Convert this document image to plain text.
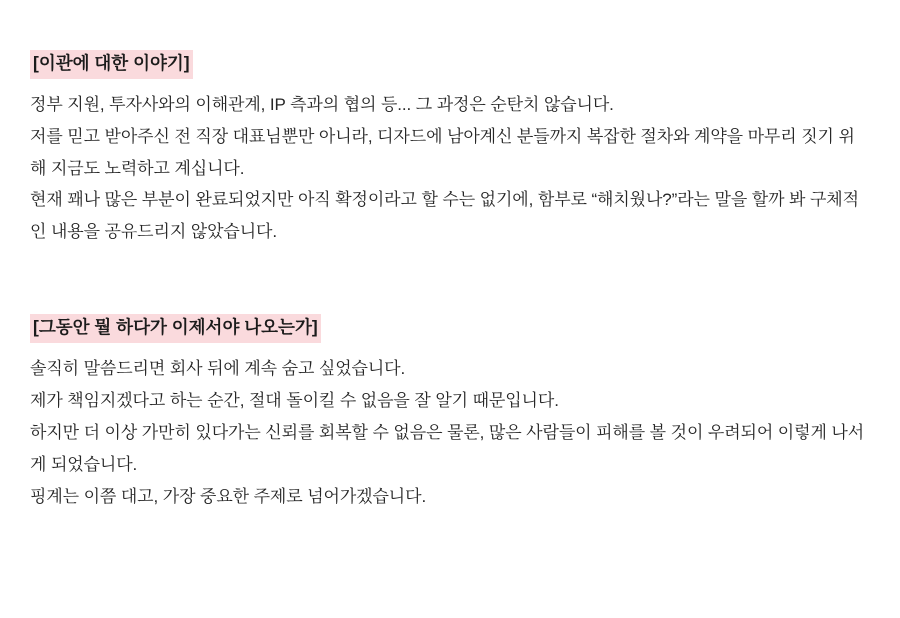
[이관에 대한 이야기]

정부 지원, 투자사와의 이해관계, IP 측과의 협의 등... 그 과정은 순탄치 않습니다.

저를 믿고 받아주신 전 직장 대표님뿐만 아니라, 디자드에 남아계신 분들까지 복잡한 절차와 계약을 마무리 짓기 위해 지금도 노력하고 계십니다.

현재 꽤나 많은 부분이 완료되었지만 아직 확정이라고 할 수는 없기에, 함부로 “해치웠나?”라는 말을 할까 봐 구체적인 내용을 공유드리지 않았습니다.

[그동안 뭘 하다가 이제서야 나오는가]

솔직히 말씀드리면 회사 뒤에 계속 숨고 싶었습니다.

제가 책임지겠다고 하는 순간, 절대 돌이킬 수 없음을 잘 알기 때문입니다.

하지만 더 이상 가만히 있다가는 신뢰를 회복할 수 없음은 물론, 많은 사람들이 피해를 볼 것이 우려되어 이렇게 나서게 되었습니다.

핑계는 이쯤 대고, 가장 중요한 주제로 넘어가겠습니다.
